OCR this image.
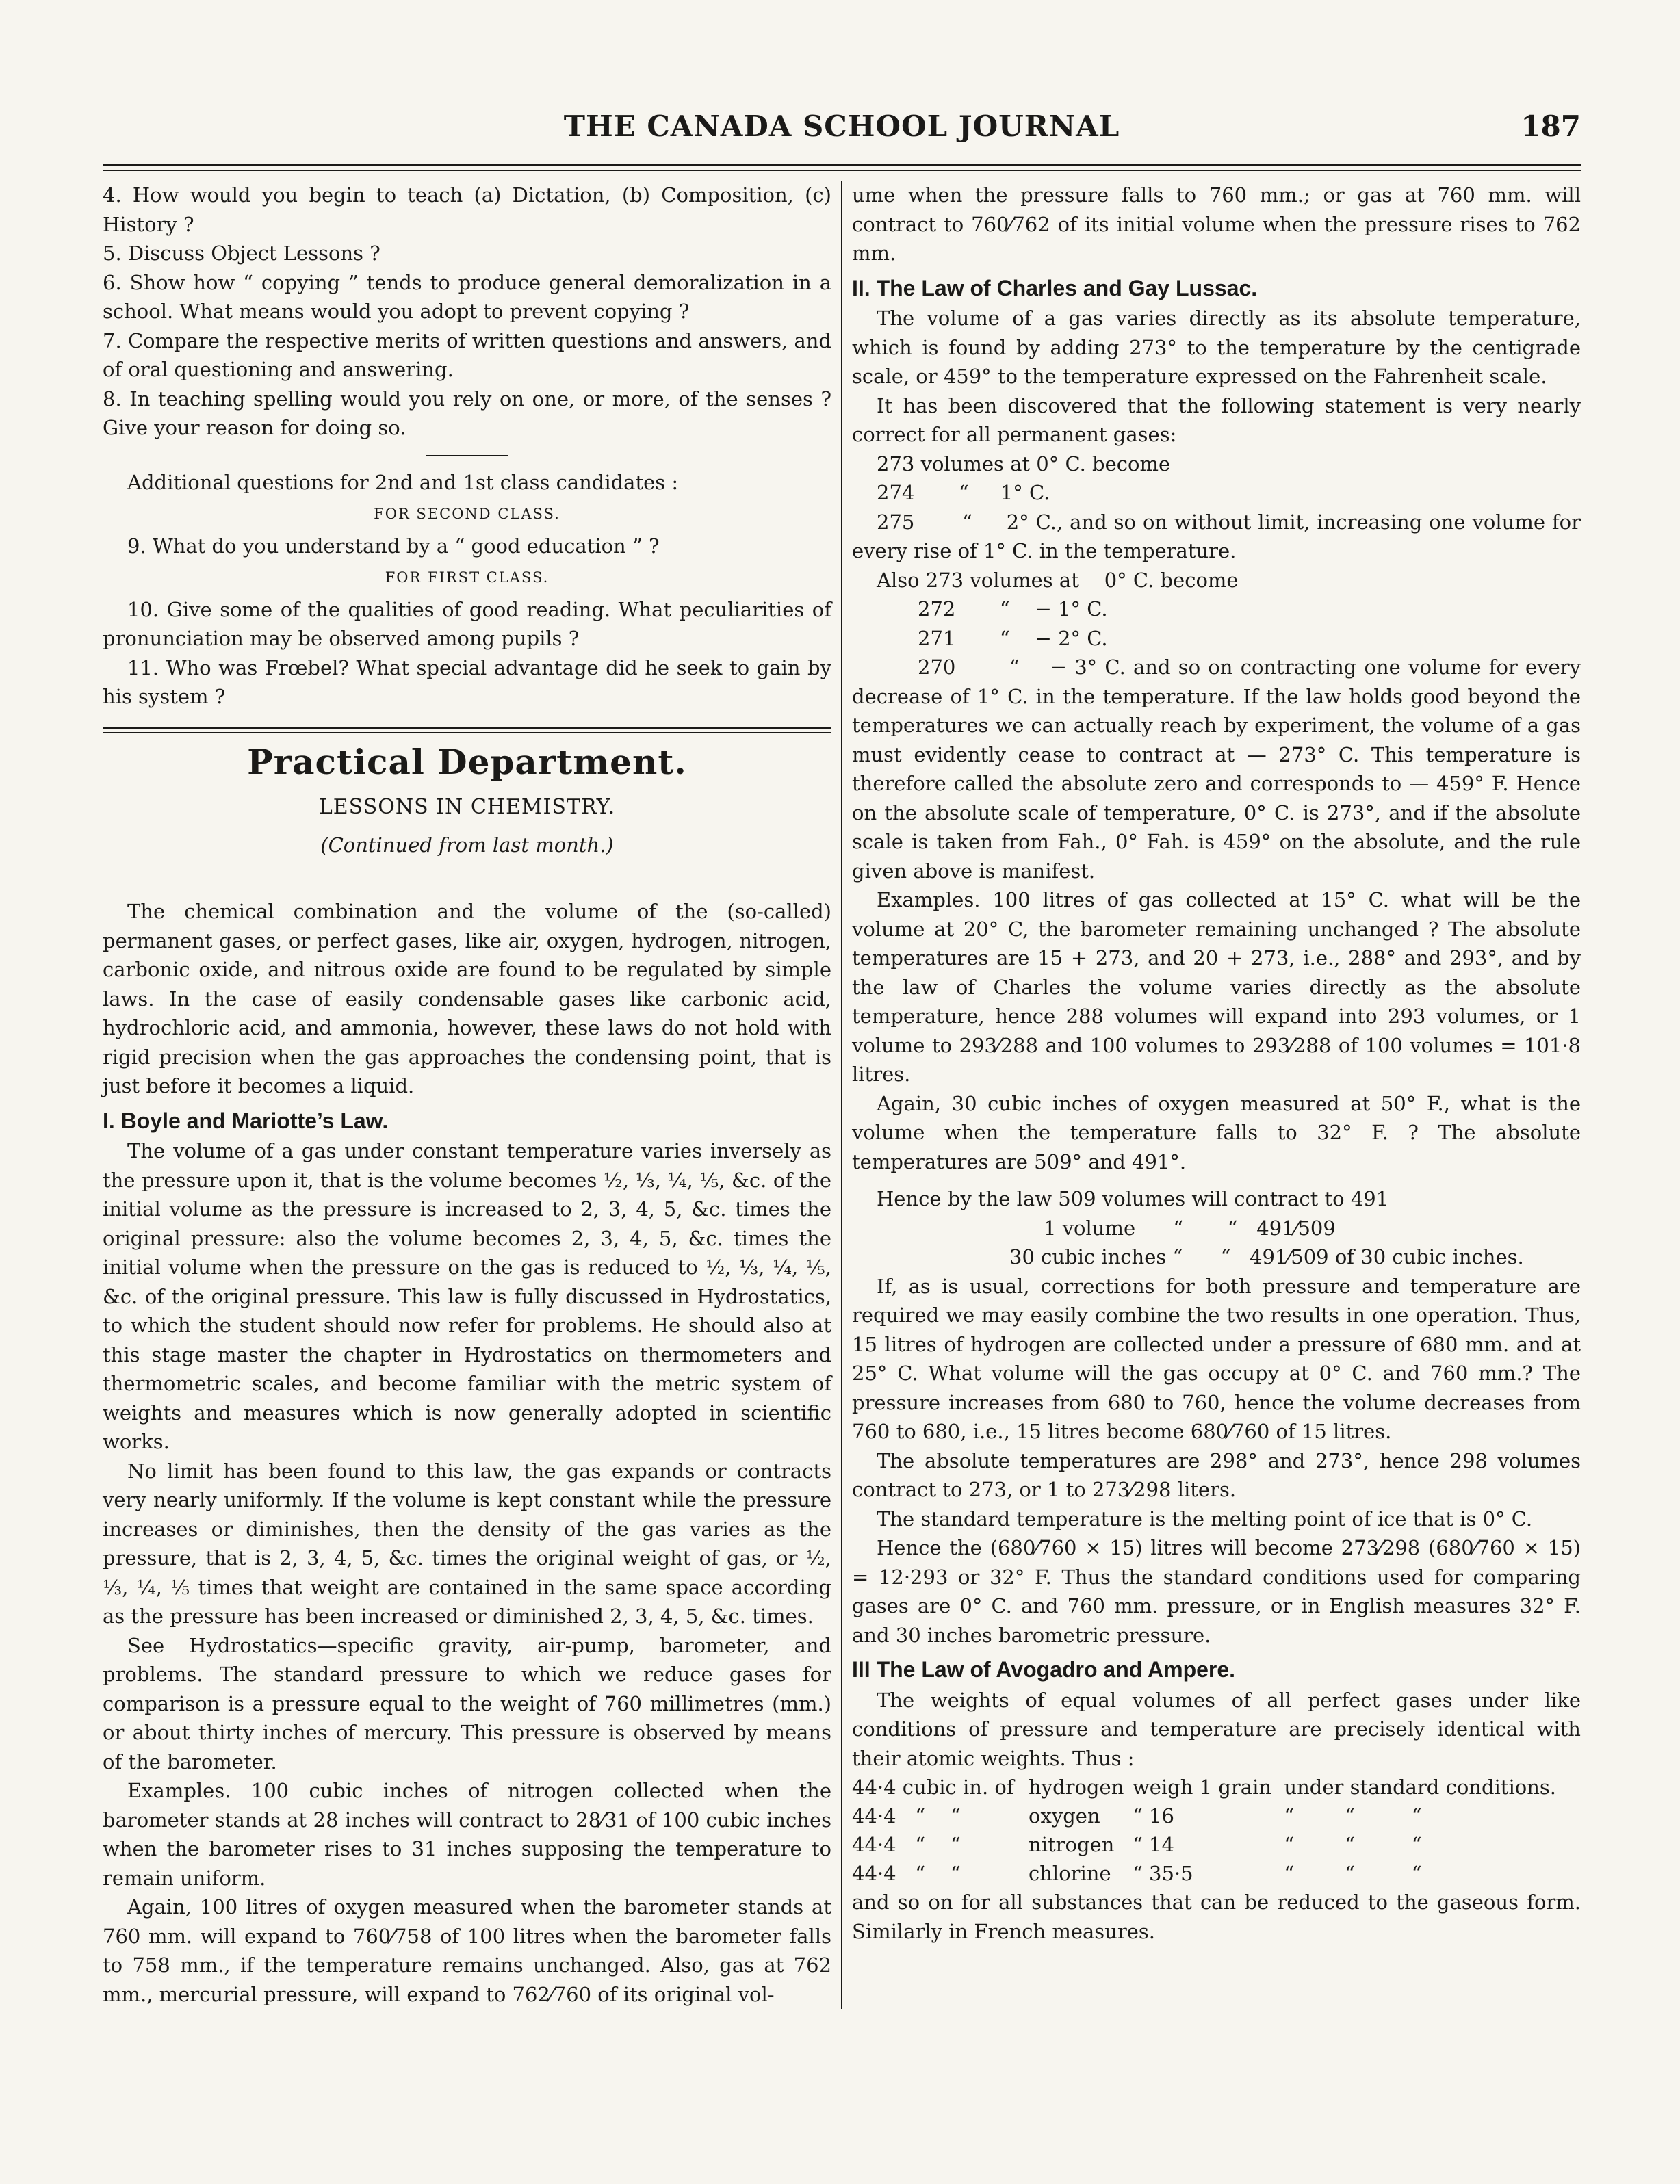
THE CANADA SCHOOL JOURNAL	187

4. How would you begin to teach (a) Dictation, (b) Composition, (c) History ?

5. Discuss Object Lessons ?

6. Show how “ copying ” tends to produce general demoralization in a school. What means would you adopt to prevent copying ?

7. Compare the respective merits of written questions and answers, and of oral questioning and answering.

8. In teaching spelling would you rely on one, or more, of the senses ? Give your reason for doing so.

Additional questions for 2nd and 1st class candidates :

FOR SECOND CLASS.

9. What do you understand by a “ good education ” ?

FOR FIRST CLASS.

10. Give some of the qualities of good reading. What peculiarities of pronunciation may be observed among pupils ?

11. Who was Frœbel? What special advantage did he seek to gain by his system ?

Practical Department.
LESSONS IN CHEMISTRY.
(Continued from last month.)

The chemical combination and the volume of the (so-called) permanent gases, or perfect gases, like air, oxygen, hydrogen, nitrogen, carbonic oxide, and nitrous oxide are found to be regulated by simple laws. In the case of easily condensable gases like carbonic acid, hydrochloric acid, and ammonia, however, these laws do not hold with rigid precision when the gas approaches the condensing point, that is just before it becomes a liquid.

I. Boyle and Mariotte’s Law.

The volume of a gas under constant temperature varies inversely as the pressure upon it, that is the volume becomes ½, ⅓, ¼, ⅕, &c. of the initial volume as the pressure is increased to 2, 3, 4, 5, &c. times the original pressure: also the volume becomes 2, 3, 4, 5, &c. times the initial volume when the pressure on the gas is reduced to ½, ⅓, ¼, ⅕, &c. of the original pressure. This law is fully discussed in Hydrostatics, to which the student should now refer for problems. He should also at this stage master the chapter in Hydrostatics on thermometers and thermometric scales, and become familiar with the metric system of weights and measures which is now generally adopted in scientific works.

No limit has been found to this law, the gas expands or contracts very nearly uniformly. If the volume is kept constant while the pressure increases or diminishes, then the density of the gas varies as the pressure, that is 2, 3, 4, 5, &c. times the original weight of gas, or ½, ⅓, ¼, ⅕ times that weight are contained in the same space according as the pressure has been increased or diminished 2, 3, 4, 5, &c. times.

See Hydrostatics—specific gravity, air-pump, barometer, and problems. The standard pressure to which we reduce gases for comparison is a pressure equal to the weight of 760 millimetres (mm.) or about thirty inches of mercury. This pressure is observed by means of the barometer.

Examples. 100 cubic inches of nitrogen collected when the barometer stands at 28 inches will contract to 28⁄31 of 100 cubic inches when the barometer rises to 31 inches supposing the temperature to remain uniform.

Again, 100 litres of oxygen measured when the barometer stands at 760 mm. will expand to 760⁄758 of 100 litres when the barometer falls to 758 mm., if the temperature remains unchanged. Also, gas at 762 mm., mercurial pressure, will expand to 762⁄760 of its original vol-

ume when the pressure falls to 760 mm.; or gas at 760 mm. will contract to 760⁄762 of its initial volume when the pressure rises to 762 mm.

II. The Law of Charles and Gay Lussac.

The volume of a gas varies directly as its absolute temperature, which is found by adding 273° to the temperature by the centigrade scale, or 459° to the temperature expressed on the Fahrenheit scale.

It has been discovered that the following statement is very nearly correct for all permanent gases:

273 volumes at 0° C. become

274       “     1° C.

275       “     2° C., and so on without limit, increasing one volume for every rise of 1° C. in the temperature.

Also 273 volumes at    0° C. become

272       “    − 1° C.

271       “    − 2° C.

270       “    − 3° C. and so on contracting one volume for every decrease of 1° C. in the temperature. If the law holds good beyond the temperatures we can actually reach by experiment, the volume of a gas must evidently cease to contract at — 273° C. This temperature is therefore called the absolute zero and corresponds to — 459° F. Hence on the absolute scale of temperature, 0° C. is 273°, and if the absolute scale is taken from Fah., 0° Fah. is 459° on the absolute, and the rule given above is manifest.

Examples. 100 litres of gas collected at 15° C. what will be the volume at 20° C, the barometer remaining unchanged ? The absolute temperatures are 15 + 273, and 20 + 273, i.e., 288° and 293°, and by the law of Charles the volume varies directly as the absolute temperature, hence 288 volumes will expand into 293 volumes, or 1 volume to 293⁄288 and 100 volumes to 293⁄288 of 100 volumes = 101·8 litres.

Again, 30 cubic inches of oxygen measured at 50° F., what is the volume when the temperature falls to 32° F. ? The absolute temperatures are 509° and 491°.

Hence by the law 509 volumes will contract to 491

1 volume      “       “   491⁄509

30 cubic inches “      “   491⁄509 of 30 cubic inches.

If, as is usual, corrections for both pressure and temperature are required we may easily combine the two results in one operation. Thus, 15 litres of hydrogen are collected under a pressure of 680 mm. and at 25° C. What volume will the gas occupy at 0° C. and 760 mm.? The pressure increases from 680 to 760, hence the volume decreases from 760 to 680, i.e., 15 litres become 680⁄760 of 15 litres.

The absolute temperatures are 298° and 273°, hence 298 volumes contract to 273, or 1 to 273⁄298 liters.

The standard temperature is the melting point of ice that is 0° C.

Hence the (680⁄760 × 15) litres will become 273⁄298 (680⁄760 × 15) = 12·293 or 32° F. Thus the standard conditions used for comparing gases are 0° C. and 760 mm. pressure, or in English measures 32° F. and 30 inches barometric pressure.

III The Law of Avogadro and Ampere.

The weights of equal volumes of all perfect gases under like conditions of pressure and temperature are precisely identical with their atomic weights. Thus :

44·4 cubic in. of	hydrogen	weigh 1 grain	under standard conditions.
44·4   “    “	oxygen	“ 16	“        “         “
44·4   “    “	nitrogen	“ 14	“        “         “
44·4   “    “	chlorine	“ 35·5	“        “         “

and so on for all substances that can be reduced to the gaseous form. Similarly in French measures.
